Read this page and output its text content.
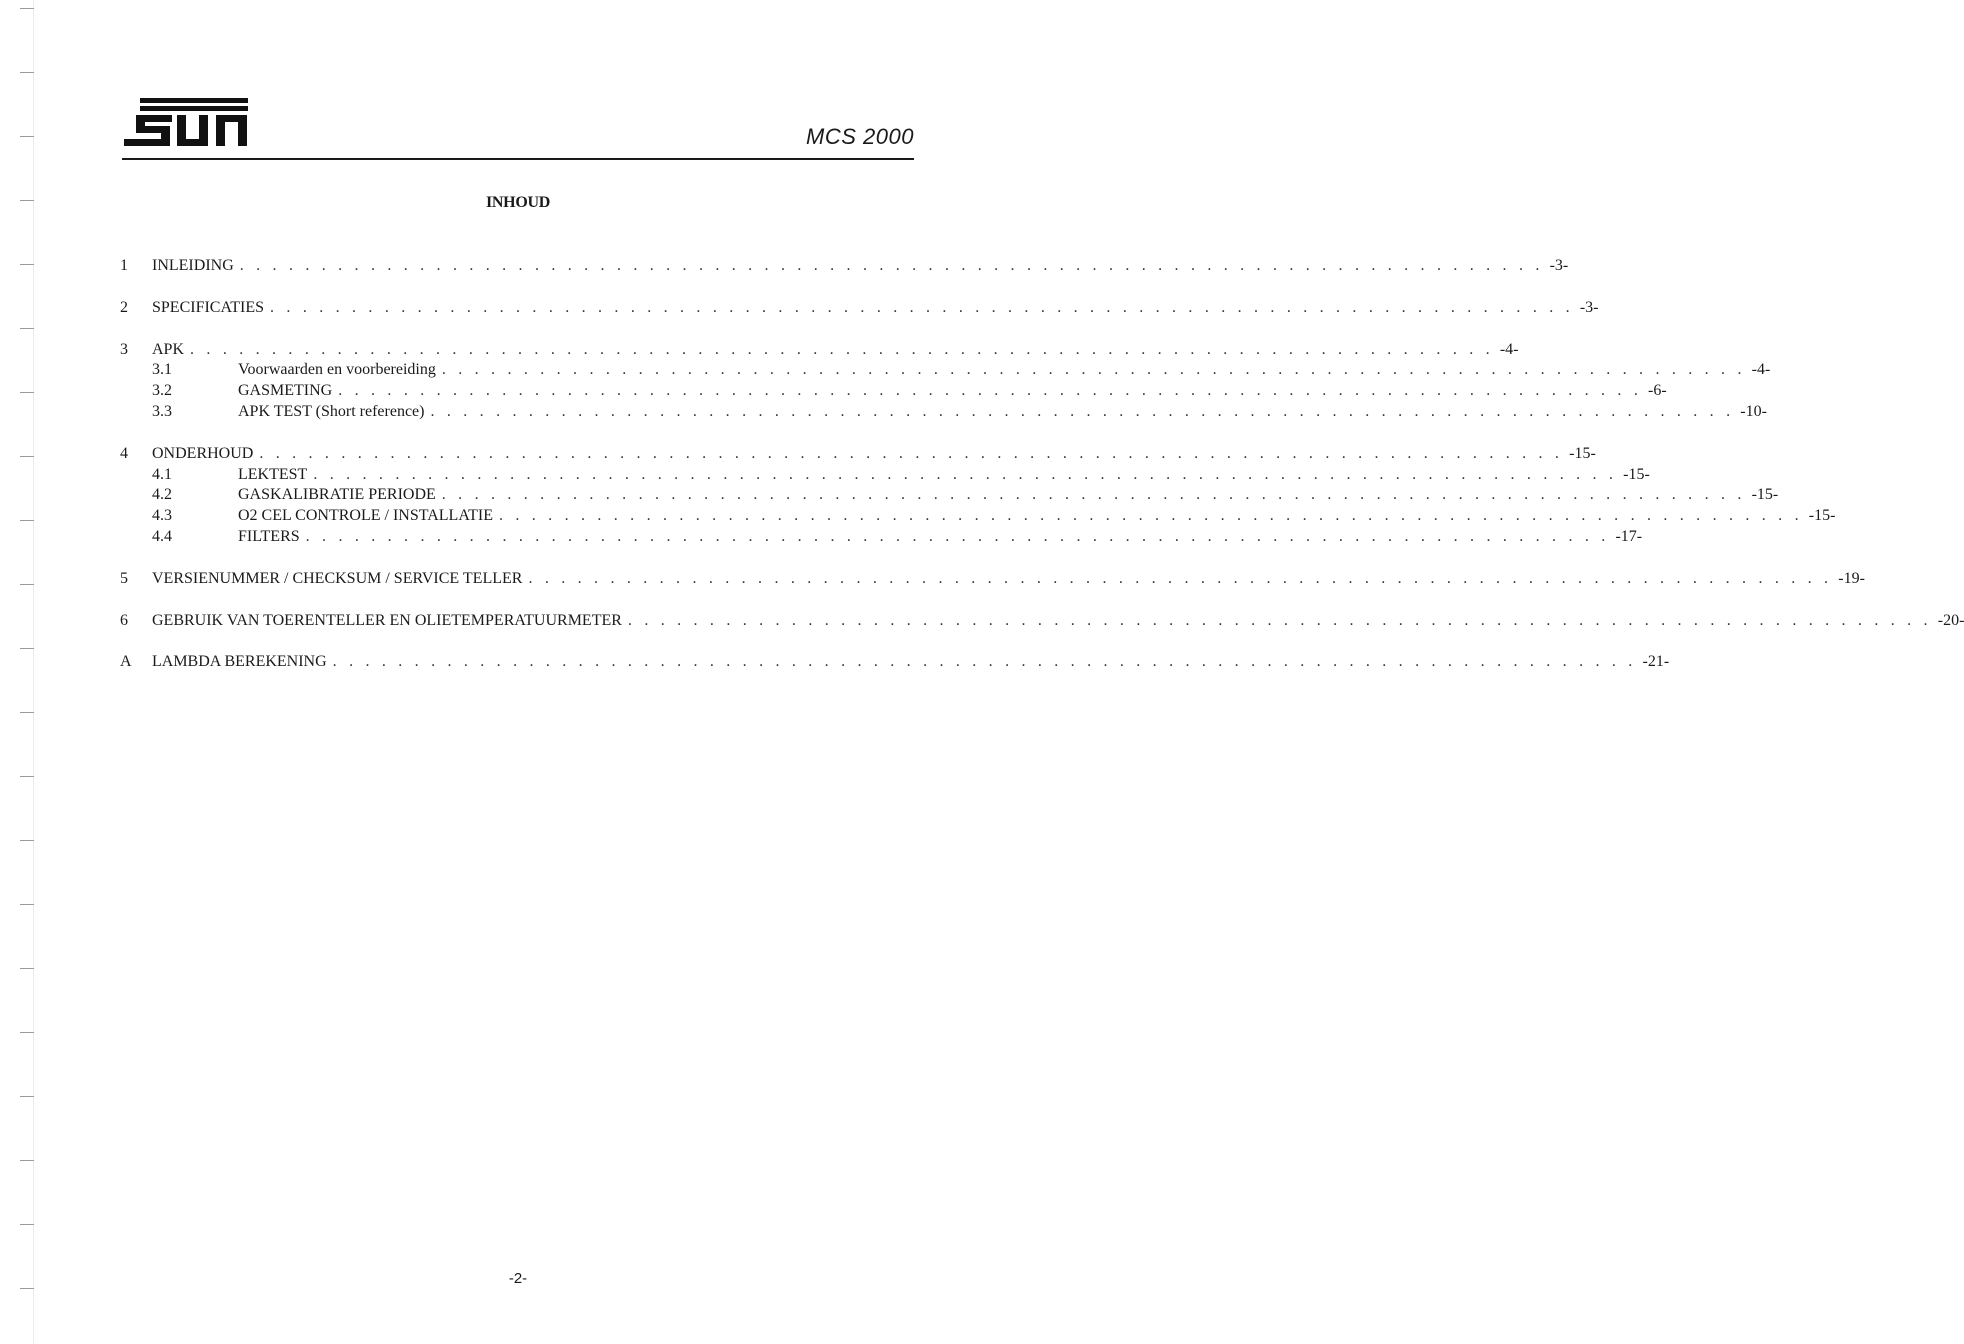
MCS 2000
INHOUD
1	INLEIDING . . . . . . . . . . . . . . . . . . . . . . . . . . . . . . . . . . . . . . . . . . . . . . . . . . . . . . . . . . . . . . . . . . . . . . . . . . . . . . . . -3-
2	SPECIFICATIES . . . . . . . . . . . . . . . . . . . . . . . . . . . . . . . . . . . . . . . . . . . . . . . . . . . . . . . . . . . . . . . . . . . . . . . . . . . . . . . . -3-
3	APK . . . . . . . . . . . . . . . . . . . . . . . . . . . . . . . . . . . . . . . . . . . . . . . . . . . . . . . . . . . . . . . . . . . . . . . . . . . . . . . . -4-
3.1	Voorwaarden en voorbereiding . . . . . . . . . . . . . . . . . . . . . . . . . . . . . . . . . . . . . . . . . . . . . . . . . . . . . . . . . . . . . . . . . . . . . . . . . . . . . . . . -4-
3.2	GASMETING . . . . . . . . . . . . . . . . . . . . . . . . . . . . . . . . . . . . . . . . . . . . . . . . . . . . . . . . . . . . . . . . . . . . . . . . . . . . . . . . -6-
3.3	APK TEST (Short reference) . . . . . . . . . . . . . . . . . . . . . . . . . . . . . . . . . . . . . . . . . . . . . . . . . . . . . . . . . . . . . . . . . . . . . . . . . . . . . . . . -10-
4	ONDERHOUD . . . . . . . . . . . . . . . . . . . . . . . . . . . . . . . . . . . . . . . . . . . . . . . . . . . . . . . . . . . . . . . . . . . . . . . . . . . . . . . . -15-
4.1	LEKTEST . . . . . . . . . . . . . . . . . . . . . . . . . . . . . . . . . . . . . . . . . . . . . . . . . . . . . . . . . . . . . . . . . . . . . . . . . . . . . . . . -15-
4.2	GASKALIBRATIE PERIODE . . . . . . . . . . . . . . . . . . . . . . . . . . . . . . . . . . . . . . . . . . . . . . . . . . . . . . . . . . . . . . . . . . . . . . . . . . . . . . . . -15-
4.3	O2 CEL CONTROLE / INSTALLATIE . . . . . . . . . . . . . . . . . . . . . . . . . . . . . . . . . . . . . . . . . . . . . . . . . . . . . . . . . . . . . . . . . . . . . . . . . . . . . . . . -15-
4.4	FILTERS . . . . . . . . . . . . . . . . . . . . . . . . . . . . . . . . . . . . . . . . . . . . . . . . . . . . . . . . . . . . . . . . . . . . . . . . . . . . . . . . -17-
5	VERSIENUMMER / CHECKSUM / SERVICE TELLER . . . . . . . . . . . . . . . . . . . . . . . . . . . . . . . . . . . . . . . . . . . . . . . . . . . . . . . . . . . . . . . . . . . . . . . . . . . . . . . . -19-
6	GEBRUIK VAN TOERENTELLER EN OLIETEMPERATUURMETER . . . . . . . . . . . . . . . . . . . . . . . . . . . . . . . . . . . . . . . . . . . . . . . . . . . . . . . . . . . . . . . . . . . . . . . . . . . . . . . . -20-
A	LAMBDA BEREKENING . . . . . . . . . . . . . . . . . . . . . . . . . . . . . . . . . . . . . . . . . . . . . . . . . . . . . . . . . . . . . . . . . . . . . . . . . . . . . . . . -21-
-2-
